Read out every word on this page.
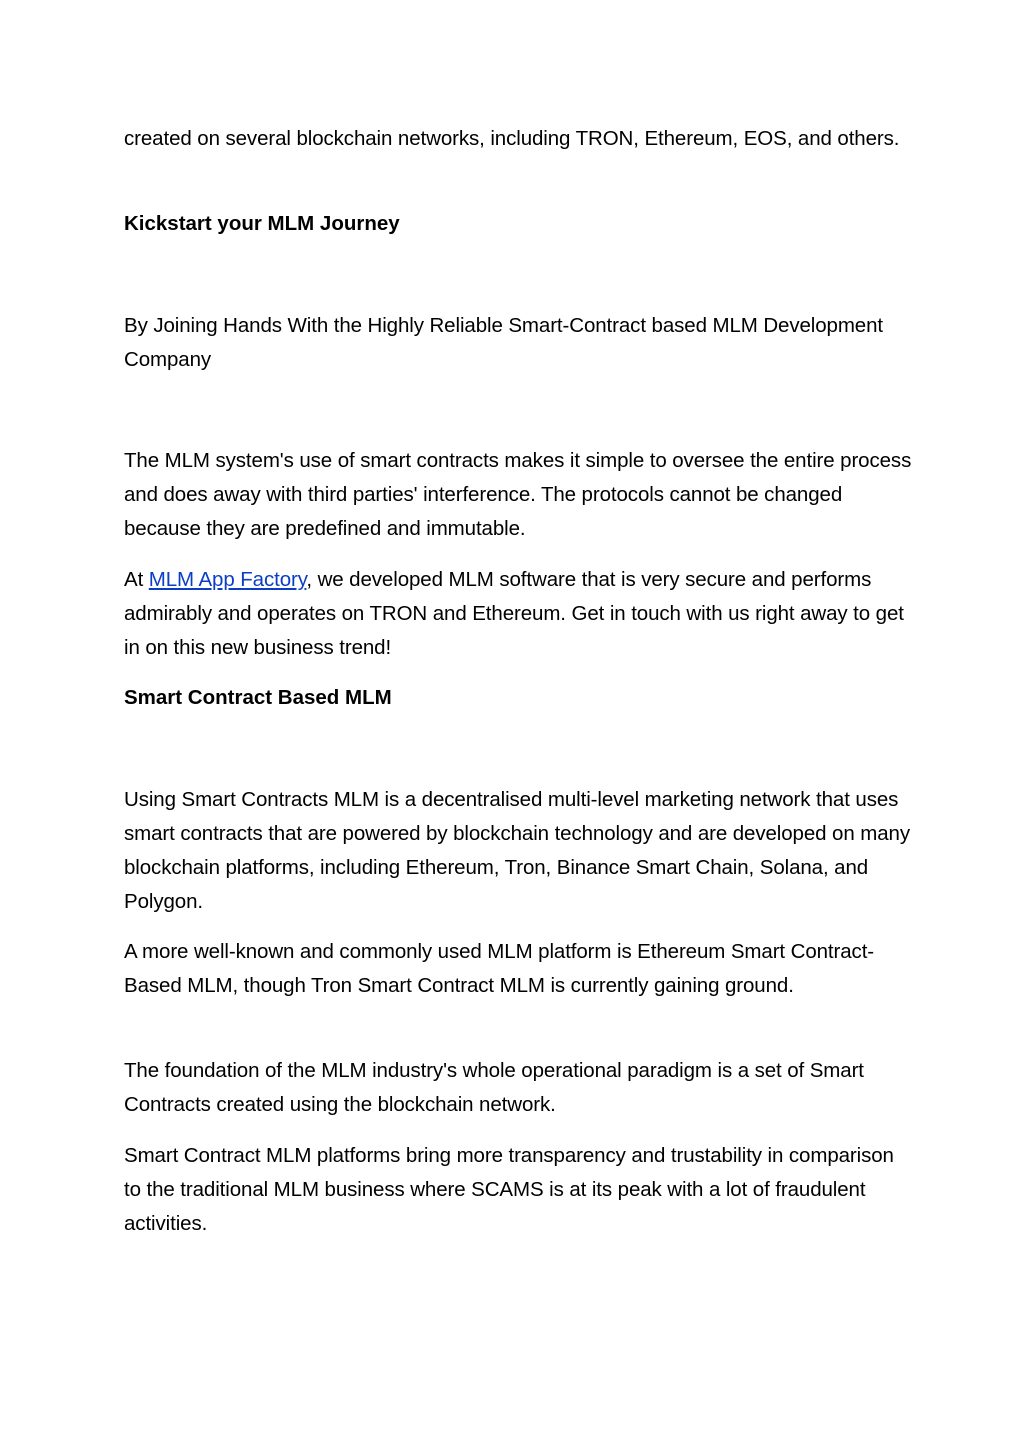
created on several blockchain networks, including TRON, Ethereum, EOS, and others.

Kickstart your MLM Journey

By Joining Hands With the Highly Reliable Smart-Contract based MLM Development Company

The MLM system's use of smart contracts makes it simple to oversee the entire process and does away with third parties' interference. The protocols cannot be changed because they are predefined and immutable.

At MLM App Factory, we developed MLM software that is very secure and performs admirably and operates on TRON and Ethereum. Get in touch with us right away to get in on this new business trend!

Smart Contract Based MLM

Using Smart Contracts MLM is a decentralised multi-level marketing network that uses smart contracts that are powered by blockchain technology and are developed on many blockchain platforms, including Ethereum, Tron, Binance Smart Chain, Solana, and Polygon.

A more well-known and commonly used MLM platform is Ethereum Smart Contract-Based MLM, though Tron Smart Contract MLM is currently gaining ground.

The foundation of the MLM industry's whole operational paradigm is a set of Smart Contracts created using the blockchain network.

Smart Contract MLM platforms bring more transparency and trustability in comparison to the traditional MLM business where SCAMS is at its peak with a lot of fraudulent activities.
